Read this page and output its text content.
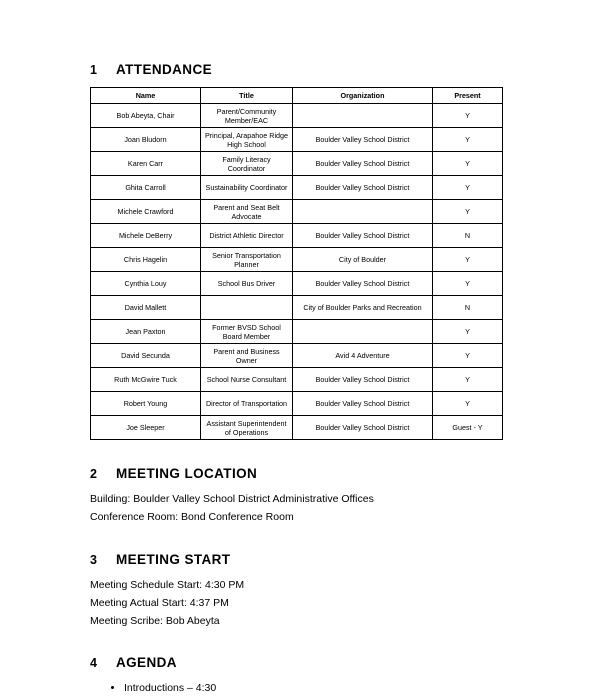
1	ATTENDANCE
Name	Title	Organization	Present
Bob Abeyta, Chair	Parent/Community Member/EAC		Y
Joan Bludorn	Principal, Arapahoe Ridge High School	Boulder Valley School District	Y
Karen Carr	Family Literacy Coordinator	Boulder Valley School District	Y
Ghita Carroll	Sustainability Coordinator	Boulder Valley School District	Y
Michele Crawford	Parent and Seat Belt Advocate		Y
Michele DeBerry	District Athletic Director	Boulder Valley School District	N
Chris Hagelin	Senior Transportation Planner	City of Boulder	Y
Cynthia Louy	School Bus Driver	Boulder Valley School District	Y
David Mallett		City of Boulder Parks and Recreation	N
Jean Paxton	Former BVSD School Board Member		Y
David Secunda	Parent and Business Owner	Avid 4 Adventure	Y
Ruth McGwire Tuck	School Nurse Consultant	Boulder Valley School District	Y
Robert Young	Director of Transportation	Boulder Valley School District	Y
Joe Sleeper	Assistant Superintendent of Operations	Boulder Valley School District	Guest - Y
2	MEETING LOCATION

Building: Boulder Valley School District Administrative Offices

Conference Room: Bond Conference Room

3	MEETING START

Meeting Schedule Start: 4:30 PM

Meeting Actual Start: 4:37 PM

Meeting Scribe: Bob Abeyta

4	AGENDA
• Introductions – 4:30
